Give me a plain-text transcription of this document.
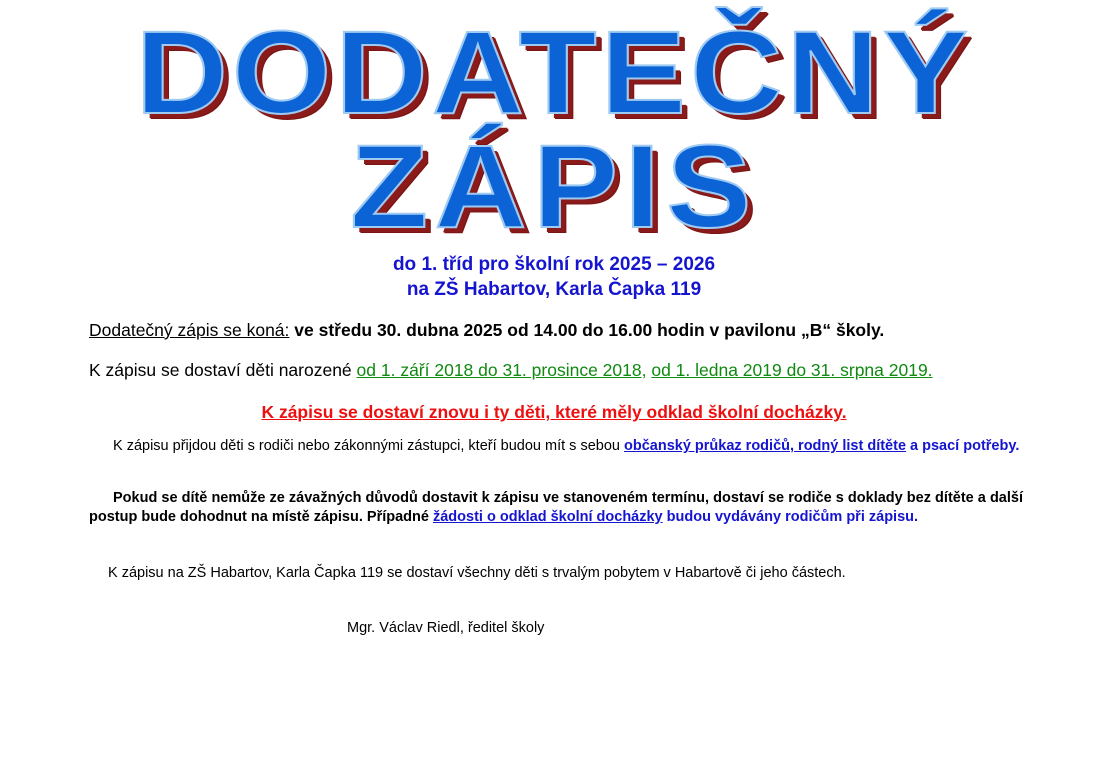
DODATEČNÝ
ZÁPIS
do 1. tříd pro školní rok 2025 – 2026
na ZŠ Habartov, Karla Čapka 119
Dodatečný zápis se koná: ve středu 30. dubna 2025 od 14.00 do 16.00 hodin v pavilonu „B“ školy.
K zápisu se dostaví děti narozené od 1. září 2018 do 31. prosince 2018, od 1. ledna 2019 do 31. srpna 2019.
K zápisu se dostaví znovu i ty děti, které měly odklad školní docházky.
K zápisu přijdou děti s rodiči nebo zákonnými zástupci, kteří budou mít s sebou občanský průkaz rodičů, rodný list dítěte a psací potřeby.
Pokud se dítě nemůže ze závažných důvodů dostavit k zápisu ve stanoveném termínu, dostaví se rodiče s doklady bez dítěte a další postup bude dohodnut na místě zápisu. Případné žádosti o odklad školní docházky budou vydávány rodičům při zápisu.
K zápisu na ZŠ Habartov, Karla Čapka 119 se dostaví všechny děti s trvalým pobytem v Habartově či jeho částech.
Mgr. Václav Riedl, ředitel školy
